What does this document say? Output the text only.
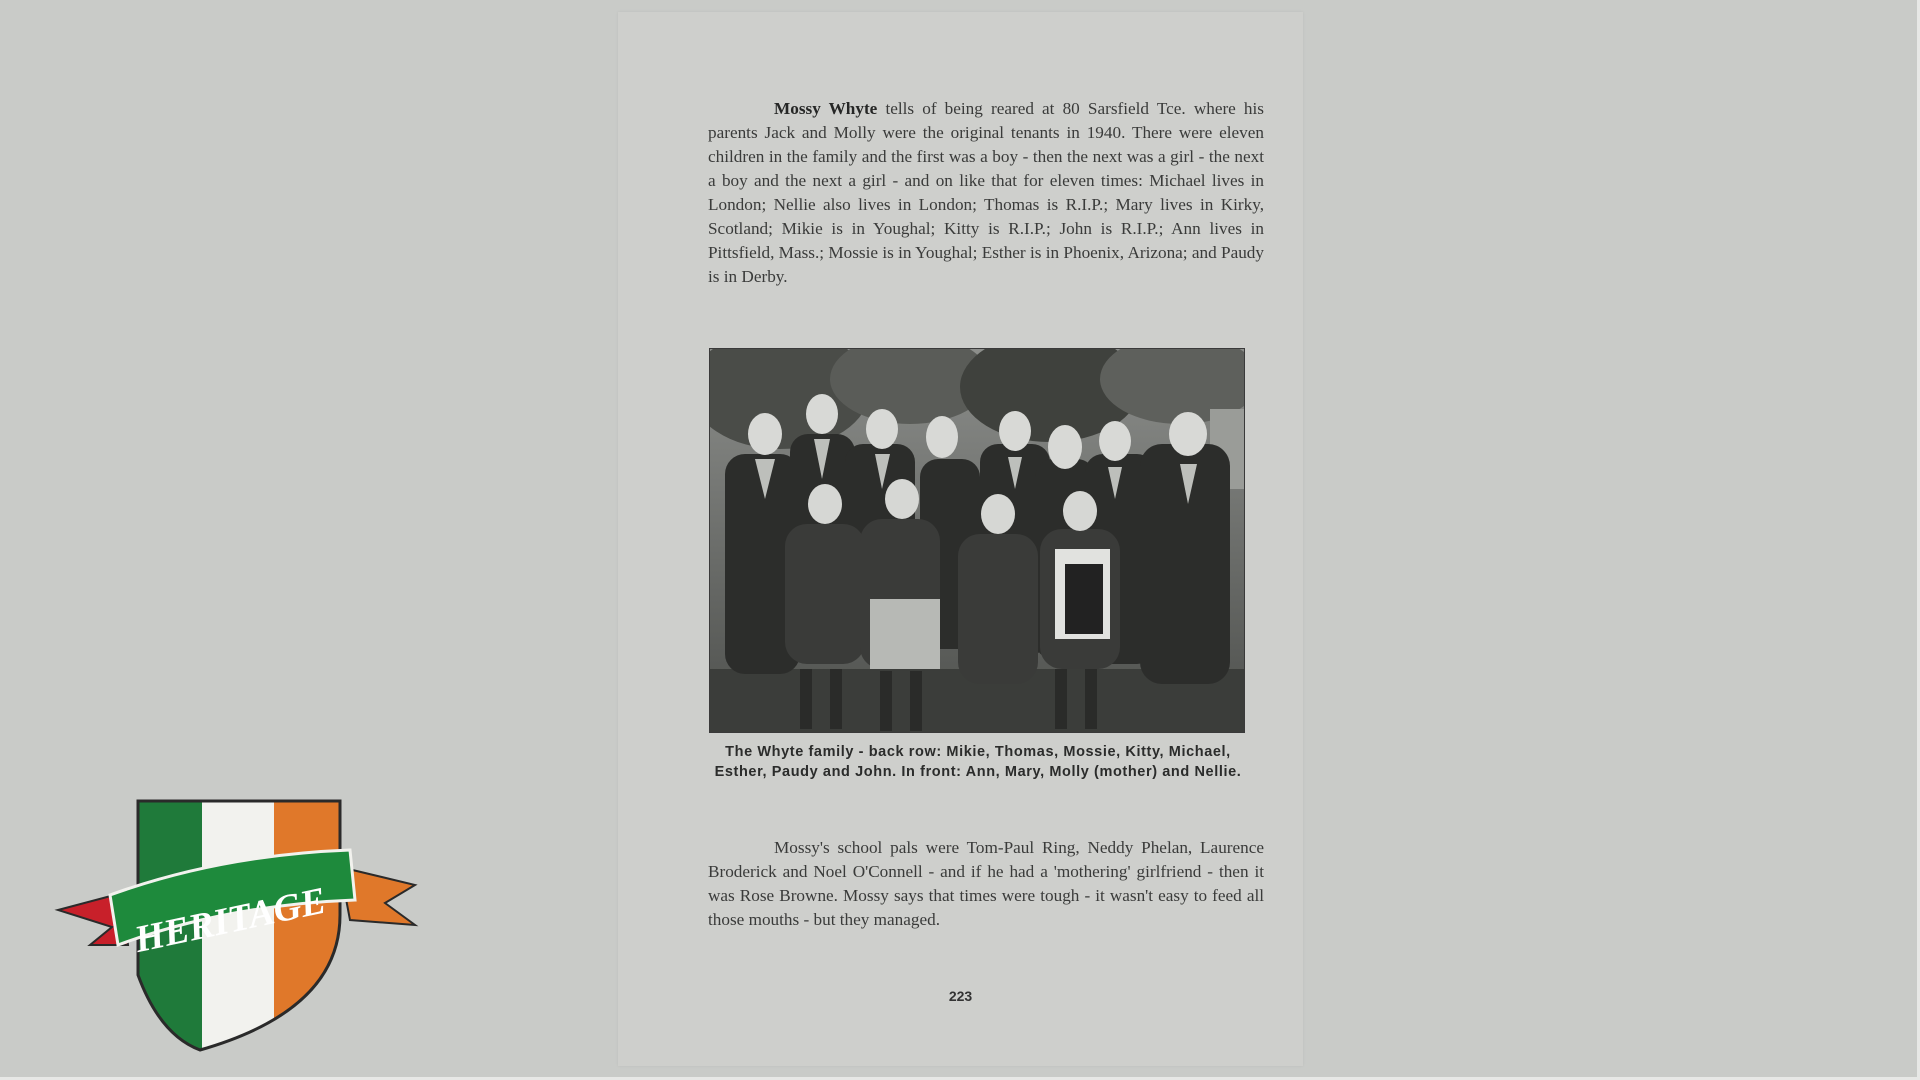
Mossy Whyte tells of being reared at 80 Sarsfield Tce. where his parents Jack and Molly were the original tenants in 1940. There were eleven children in the family and the first was a boy - then the next was a girl - the next a boy and the next a girl - and on like that for eleven times: Michael lives in London; Nellie also lives in London; Thomas is R.I.P.; Mary lives in Kirky, Scotland; Mikie is in Youghal; Kitty is R.I.P.; John is R.I.P.; Ann lives in Pittsfield, Mass.; Mossie is in Youghal; Esther is in Phoenix, Arizona; and Paudy is in Derby.

The Whyte family - back row: Mikie, Thomas, Mossie, Kitty, Michael, Esther, Paudy and John. In front: Ann, Mary, Molly (mother) and Nellie.

Mossy's school pals were Tom-Paul Ring, Neddy Phelan, Laurence Broderick and Noel O'Connell - and if he had a 'mothering' girlfriend - then it was Rose Browne. Mossy says that times were tough - it wasn't easy to feed all those mouths - but they managed.

223
HERITAGE
